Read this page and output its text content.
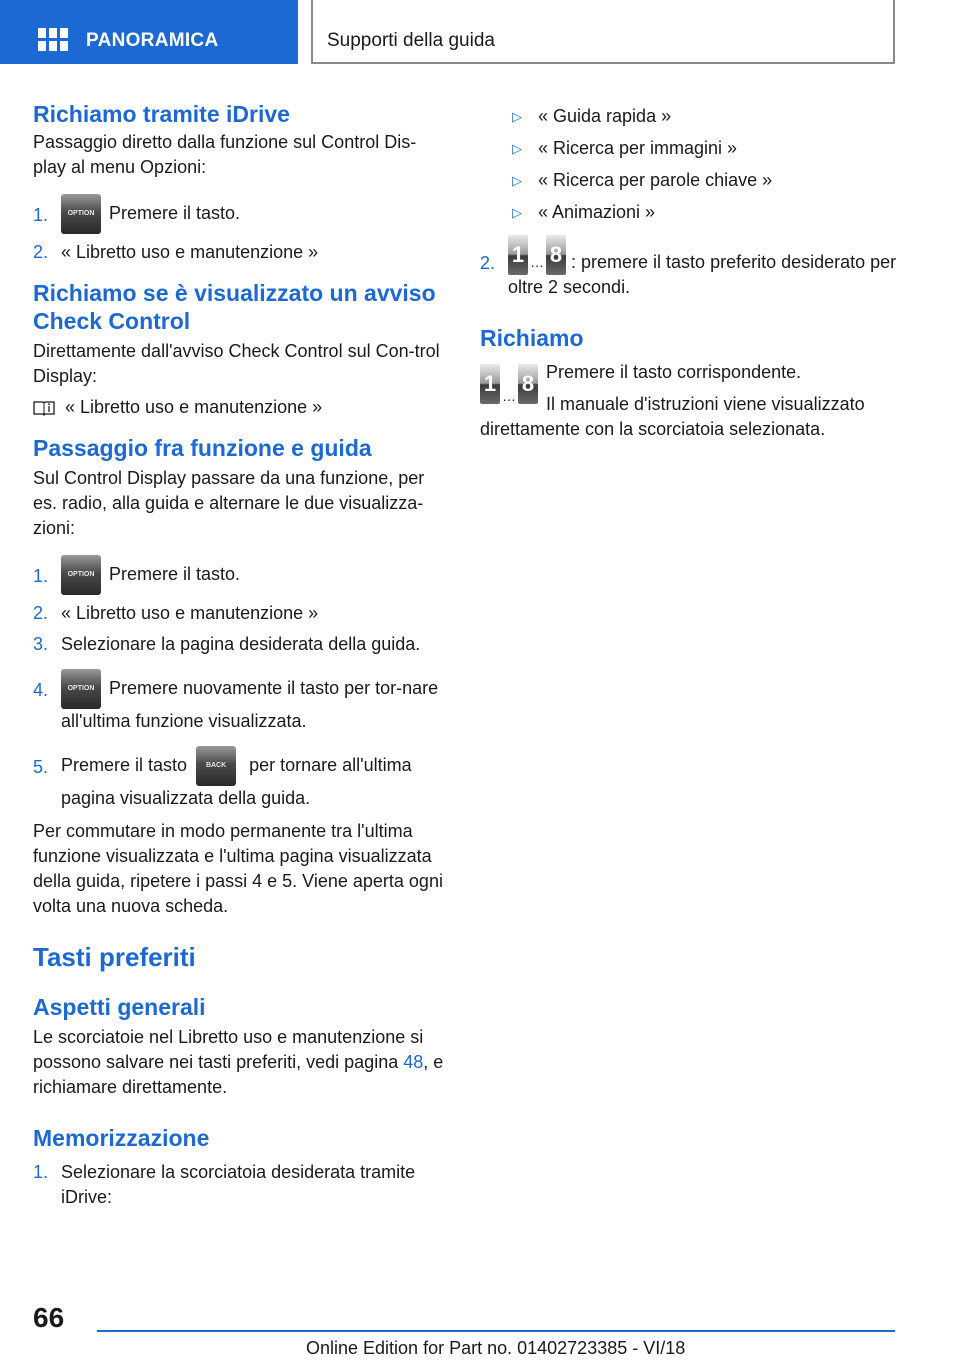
PANORAMICA	Supporti della guida
Richiamo tramite iDrive

Passaggio diretto dalla funzione sul Control Dis-play al menu Opzioni:

1.	OPTION Premere il tasto.
2. « Libretto uso e manutenzione »
Richiamo se è visualizzato un avviso Check Control

Direttamente dall'avviso Check Control sul Con-trol Display:

« Libretto uso e manutenzione »
Passaggio fra funzione e guida

Sul Control Display passare da una funzione, per es. radio, alla guida e alternare le due visualizza-zioni:

1.	OPTION Premere il tasto.
2. « Libretto uso e manutenzione »
3. Selezionare la pagina desiderata della guida.
4.	OPTION Premere nuovamente il tasto per tor-nare all'ultima funzione visualizzata.
5. Premere il tasto	BACK per tornare all'ultima pagina visualizzata della guida.

Per commutare in modo permanente tra l'ultima funzione visualizzata e l'ultima pagina visualizzata della guida, ripetere i passi 4 e 5. Viene aperta ogni volta una nuova scheda.

Tasti preferiti
Aspetti generali

Le scorciatoie nel Libretto uso e manutenzione si possono salvare nei tasti preferiti, vedi pagina 48, e richiamare direttamente.

Memorizzazione
1. Selezionare la scorciatoia desiderata tramite iDrive:
▷ « Guida rapida »
▷ « Ricerca per immagini »
▷ « Ricerca per parole chiave »
▷ « Animazioni »
2. 1 … 8 : premere il tasto preferito desiderato per oltre 2 secondi.
Richiamo
1 … 8 Premere il tasto corrispondente.

Il manuale d'istruzioni viene visualizzato direttamente con la scorciatoia selezionata.

66
Online Edition for Part no. 01402723385 - VI/18
